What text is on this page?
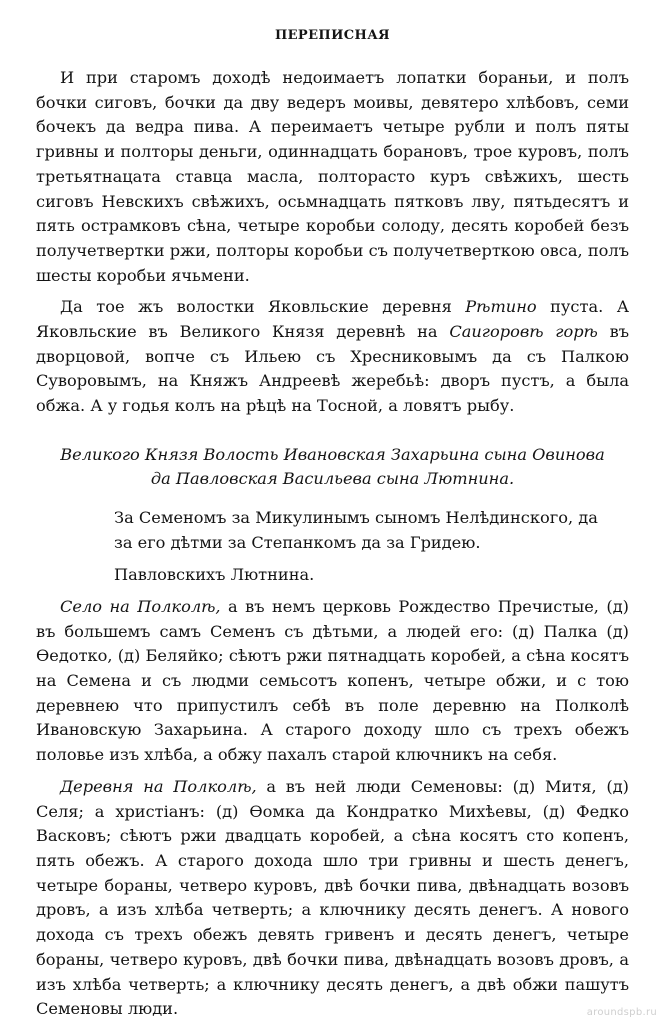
ПЕРЕПИСНАЯ

И при старомъ доходѣ недоимаетъ лопатки бораньи, и полъ бочки сиговъ, бочки да дву ведеръ моивы, девятеро хлѣбовъ, семи бочекъ да ведра пива. А переимаетъ четыре рубли и полъ пяты гривны и полторы деньги, одиннадцать борановъ, трое куровъ, полъ третьятнацата ставца масла, полторасто куръ свѣжихъ, шесть сиговъ Невскихъ свѣжихъ, осьмнадцать пятковъ лву, пятьдесятъ и пять острамковъ сѣна, четыре коробьи солоду, десять коробей безъ получетвертки ржи, полторы коробьи съ получетверткою овса, полъ шесты коробьи ячьмени.

Да тое жъ волостки Яковльские деревня Рѣтино пуста. А Яковльские въ Великого Князя деревнѣ на Саигоровѣ горѣ въ дворцовой, вопче съ Ильею съ Хресниковымъ да съ Палкою Суворовымъ, на Княжъ Андреевѣ жеребьѣ: дворъ пустъ, а была обжа. А у годья колъ на рѣцѣ на Тосной, а ловятъ рыбу.

Великого Князя Волость Ивановская Захарьина сына Овинова
да Павловская Васильева сына Лютнина.
За Семеномъ за Микулинымъ сыномъ Нелѣдинского, да
за его дѣтми за Степанкомъ да за Гридею.
Павловскихъ Лютнина.

Село на Полколѣ, а въ немъ церковь Рождество Пречистые, (д) въ большемъ самъ Семенъ съ дѣтьми, а людей его: (д) Палка (д) Ѳедотко, (д) Беляйко; сѣютъ ржи пятнадцать коробей, а сѣна косятъ на Семена и съ людми семьсотъ копенъ, четыре обжи, и с тою деревнею что припустилъ себѣ въ поле деревню на Полколѣ Ивановскую Захарьина. А старого доходу шло съ трехъ обежъ половье изъ хлѣба, а обжу пахалъ старой ключникъ на себя.

Деревня на Полколѣ, а въ ней люди Семеновы: (д) Митя, (д) Селя; а христіанъ: (д) Ѳомка да Кондратко Михѣевы, (д) Федко Васковъ; сѣютъ ржи двадцать коробей, а сѣна косятъ сто копенъ, пять обежъ. А старого дохода шло три гривны и шесть денегъ, четыре бораны, четверо куровъ, двѣ бочки пива, двѣнадцать возовъ дровъ, а изъ хлѣба четверть; а ключнику десять денегъ. А нового дохода съ трехъ обежъ девять гривенъ и десять денегъ, четыре бораны, четверо куровъ, двѣ бочки пива, двѣнадцать возовъ дровъ, а изъ хлѣба четверть; а ключнику десять денегъ, а двѣ обжи пашутъ Семеновы люди.	aroundspb.ru
